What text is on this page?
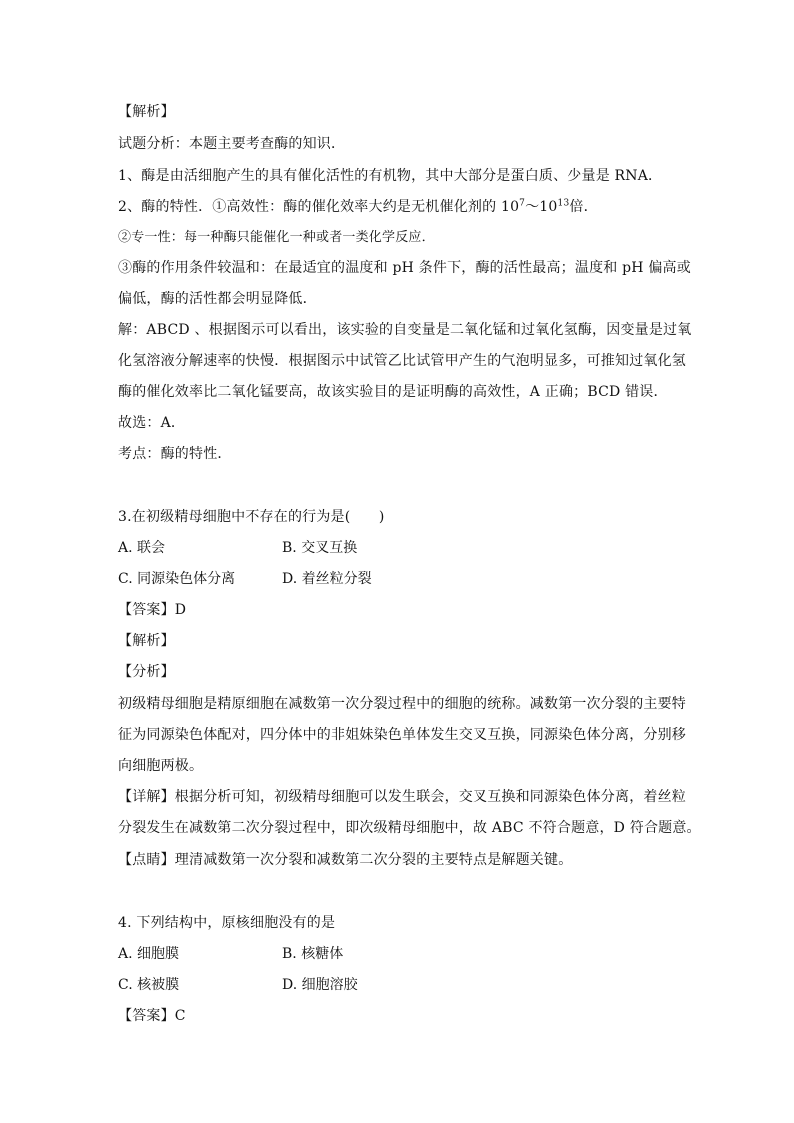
【解析】
试题分析：本题主要考查酶的知识．
1、酶是由活细胞产生的具有催化活性的有机物，其中大部分是蛋白质、少量是 RNA．
2、酶的特性．①高效性：酶的催化效率大约是无机催化剂的 $10^7\sim 10^{13}$倍．
②专一性：每一种酶只能催化一种或者一类化学反应．
③酶的作用条件较温和：在最适宜的温度和 pH 条件下，酶的活性最高；温度和 pH 偏高或
偏低，酶的活性都会明显降低．
解：ABCD 、根据图示可以看出，该实验的自变量是二氧化锰和过氧化氢酶，因变量是过氧
化氢溶液分解速率的快慢．根据图示中试管乙比试管甲产生的气泡明显多，可推知过氧化氢
酶的催化效率比二氧化锰要高，故该实验目的是证明酶的高效性，A 正确；BCD 错误．
故选：A．
考点：酶的特性．
3.在初级精母细胞中不存在的行为是(　　)
A. 联会	B. 交叉互换
C. 同源染色体分离	D. 着丝粒分裂
【答案】D
【解析】
【分析】
初级精母细胞是精原细胞在减数第一次分裂过程中的细胞的统称。减数第一次分裂的主要特
征为同源染色体配对，四分体中的非姐妹染色单体发生交叉互换，同源染色体分离，分别移
向细胞两极。
【详解】根据分析可知，初级精母细胞可以发生联会，交叉互换和同源染色体分离，着丝粒
分裂发生在减数第二次分裂过程中，即次级精母细胞中，故 ABC 不符合题意，D 符合题意。
【点睛】理清减数第一次分裂和减数第二次分裂的主要特点是解题关键。
4. 下列结构中，原核细胞没有的是
A. 细胞膜	B. 核糖体
C. 核被膜	D. 细胞溶胶
【答案】C
